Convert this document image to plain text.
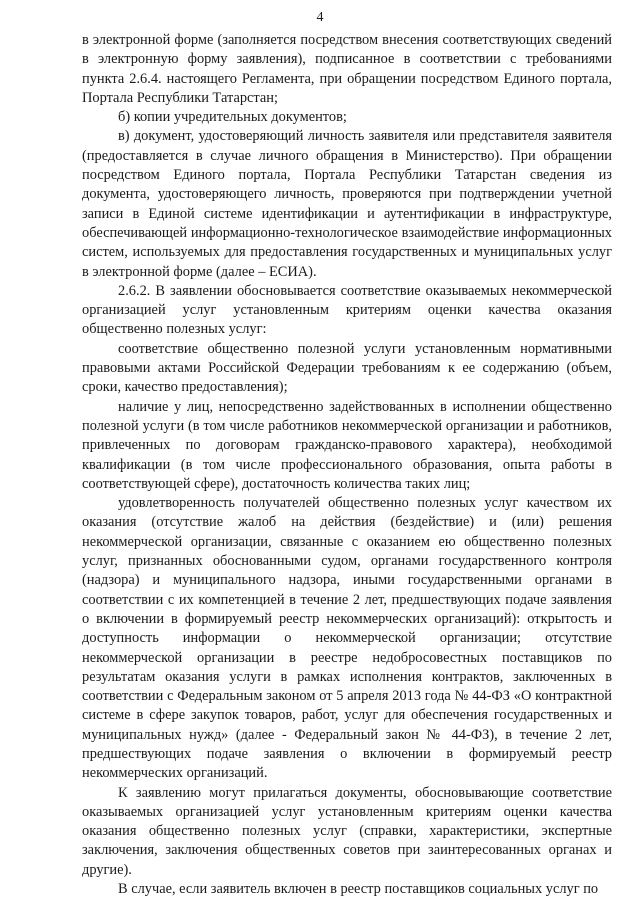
4

в электронной форме (заполняется посредством внесения соответствующих сведений в электронную форму заявления), подписанное в соответствии с требованиями пункта 2.6.4. настоящего Регламента, при обращении посредством Единого портала, Портала Республики Татарстан;

б) копии учредительных документов;

в) документ, удостоверяющий личность заявителя или представителя заявителя (предоставляется в случае личного обращения в Министерство). При обращении посредством Единого портала, Портала Республики Татарстан сведения из документа, удостоверяющего личность, проверяются при подтверждении учетной записи в Единой системе идентификации и аутентификации в инфраструктуре, обеспечивающей информационно-технологическое взаимодействие информационных систем, используемых для предоставления государственных и муниципальных услуг в электронной форме (далее – ЕСИА).

2.6.2. В заявлении обосновывается соответствие оказываемых некоммерческой организацией услуг установленным критериям оценки качества оказания общественно полезных услуг:

соответствие общественно полезной услуги установленным нормативными правовыми актами Российской Федерации требованиям к ее содержанию (объем, сроки, качество предоставления);

наличие у лиц, непосредственно задействованных в исполнении общественно полезной услуги (в том числе работников некоммерческой организации и работников, привлеченных по договорам гражданско-правового характера), необходимой квалификации (в том числе профессионального образования, опыта работы в соответствующей сфере), достаточность количества таких лиц;

удовлетворенность получателей общественно полезных услуг качеством их оказания (отсутствие жалоб на действия (бездействие) и (или) решения некоммерческой организации, связанные с оказанием ею общественно полезных услуг, признанных обоснованными судом, органами государственного контроля (надзора) и муниципального надзора, иными государственными органами в соответствии с их компетенцией в течение 2 лет, предшествующих подаче заявления о включении в формируемый реестр некоммерческих организаций): открытость и доступность информации о некоммерческой организации; отсутствие некоммерческой организации в реестре недобросовестных поставщиков по результатам оказания услуги в рамках исполнения контрактов, заключенных в соответствии с Федеральным законом от 5 апреля 2013 года № 44-ФЗ «О контрактной системе в сфере закупок товаров, работ, услуг для обеспечения государственных и муниципальных нужд» (далее - Федеральный закон № 44-ФЗ), в течение 2 лет, предшествующих подаче заявления о включении в формируемый реестр некоммерческих организаций.

К заявлению могут прилагаться документы, обосновывающие соответствие оказываемых организацией услуг установленным критериям оценки качества оказания общественно полезных услуг (справки, характеристики, экспертные заключения, заключения общественных советов при заинтересованных органах и другие).

В случае, если заявитель включен в реестр поставщиков социальных услуг по
